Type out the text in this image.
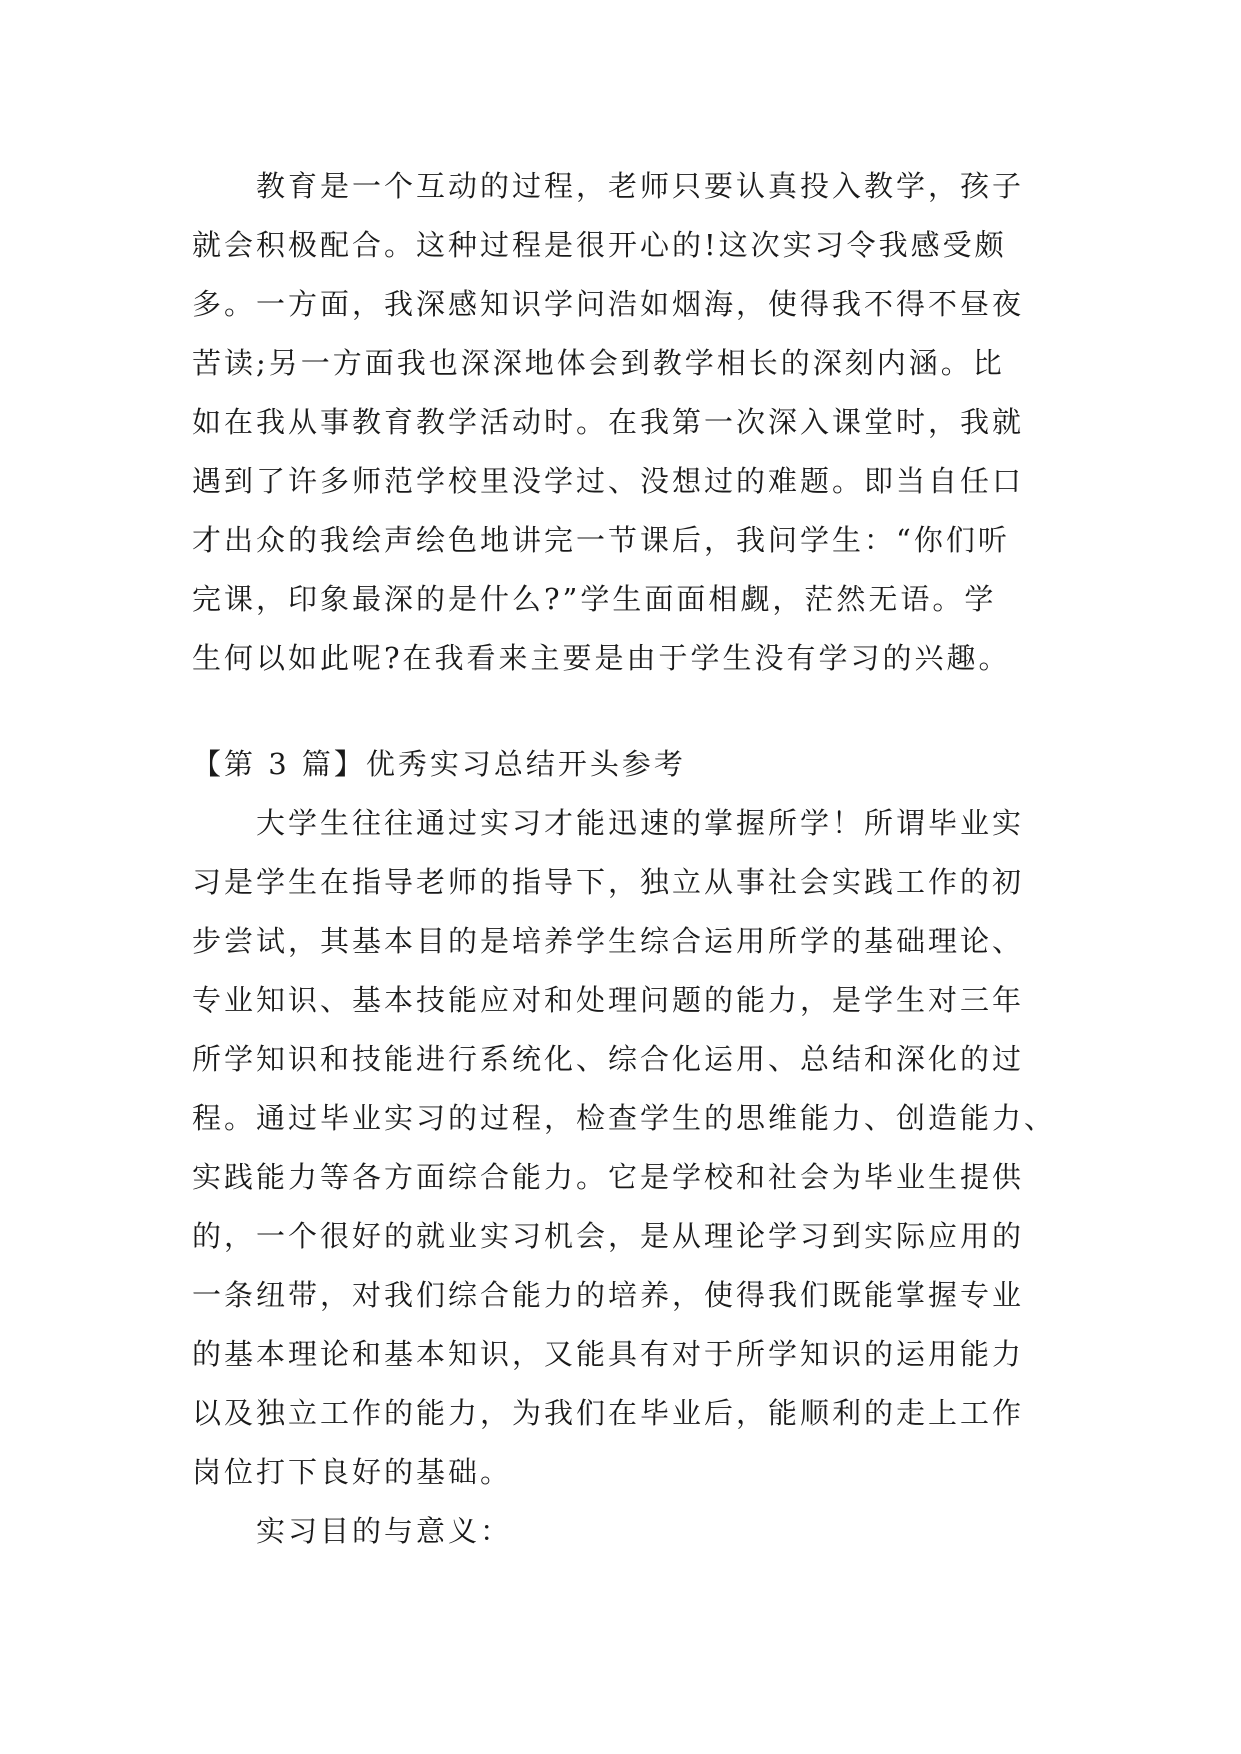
　　教育是一个互动的过程，老师只要认真投入教学，孩子
就会积极配合。这种过程是很开心的!这次实习令我感受颇
多。一方面，我深感知识学问浩如烟海，使得我不得不昼夜
苦读;另一方面我也深深地体会到教学相长的深刻内涵。比
如在我从事教育教学活动时。在我第一次深入课堂时，我就
遇到了许多师范学校里没学过、没想过的难题。即当自任口
才出众的我绘声绘色地讲完一节课后，我问学生：“你们听
完课，印象最深的是什么?”学生面面相觑，茫然无语。学
生何以如此呢?在我看来主要是由于学生没有学习的兴趣。
【第 3 篇】优秀实习总结开头参考
　　大学生往往通过实习才能迅速的掌握所学！所谓毕业实
习是学生在指导老师的指导下，独立从事社会实践工作的初
步尝试，其基本目的是培养学生综合运用所学的基础理论、
专业知识、基本技能应对和处理问题的能力，是学生对三年
所学知识和技能进行系统化、综合化运用、总结和深化的过
程。通过毕业实习的过程，检查学生的思维能力、创造能力、
实践能力等各方面综合能力。它是学校和社会为毕业生提供
的，一个很好的就业实习机会，是从理论学习到实际应用的
一条纽带，对我们综合能力的培养，使得我们既能掌握专业
的基本理论和基本知识，又能具有对于所学知识的运用能力
以及独立工作的能力，为我们在毕业后，能顺利的走上工作
岗位打下良好的基础。
　　实习目的与意义：
